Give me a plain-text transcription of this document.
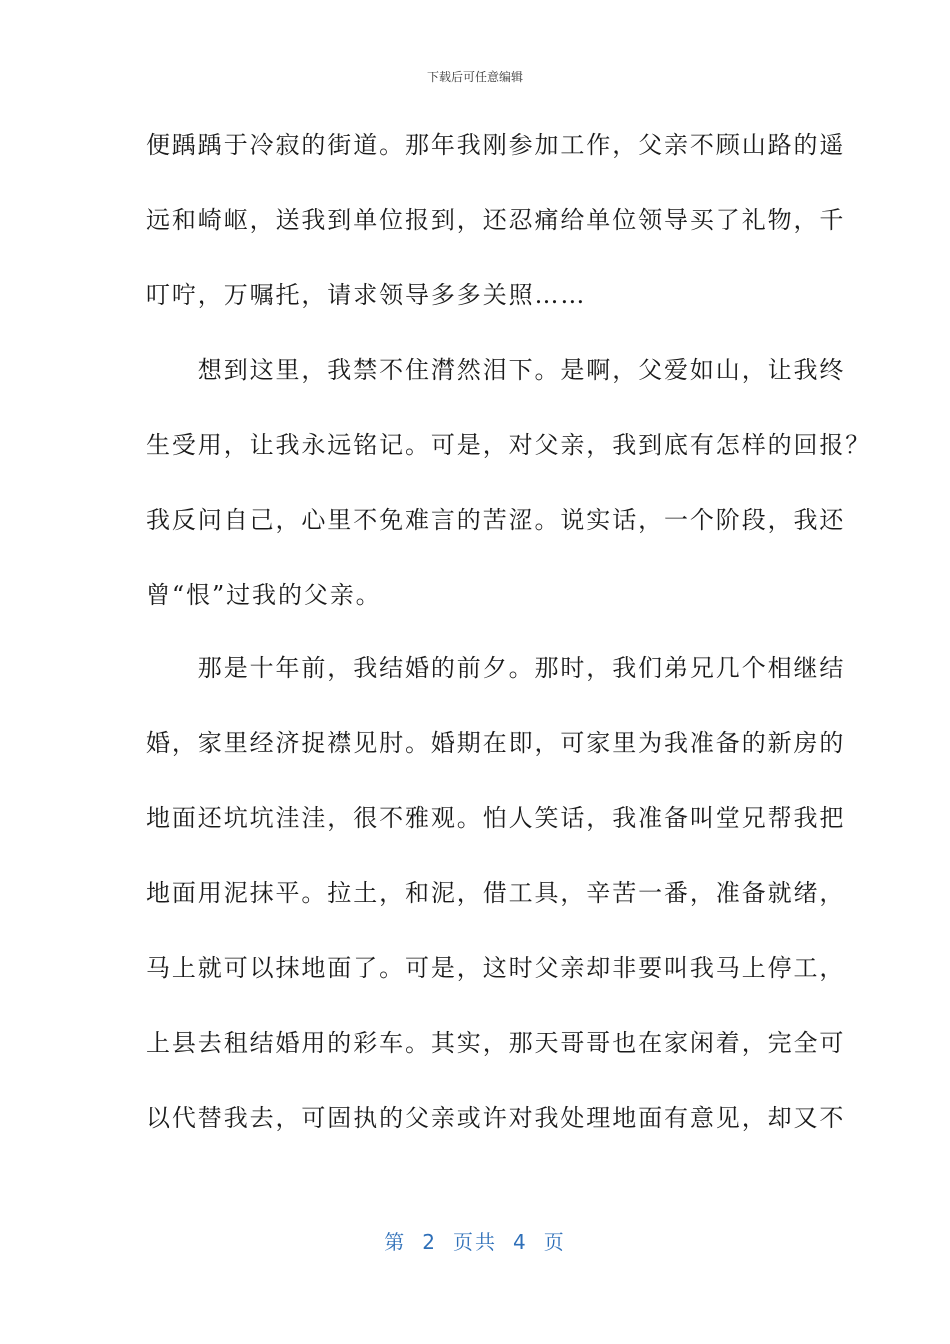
下载后可任意编辑
便踽踽于冷寂的街道。那年我刚参加工作，父亲不顾山路的遥
远和崎岖，送我到单位报到，还忍痛给单位领导买了礼物，千
叮咛，万嘱托，请求领导多多关照……
　　想到这里，我禁不住潸然泪下。是啊，父爱如山，让我终
生受用，让我永远铭记。可是，对父亲，我到底有怎样的回报？
我反问自己，心里不免难言的苦涩。说实话，一个阶段，我还
曾“恨”过我的父亲。
　　那是十年前，我结婚的前夕。那时，我们弟兄几个相继结
婚，家里经济捉襟见肘。婚期在即，可家里为我准备的新房的
地面还坑坑洼洼，很不雅观。怕人笑话，我准备叫堂兄帮我把
地面用泥抹平。拉土，和泥，借工具，辛苦一番，准备就绪，
马上就可以抹地面了。可是，这时父亲却非要叫我马上停工，
上县去租结婚用的彩车。其实，那天哥哥也在家闲着，完全可
以代替我去，可固执的父亲或许对我处理地面有意见，却又不
第 2 页共 4 页
